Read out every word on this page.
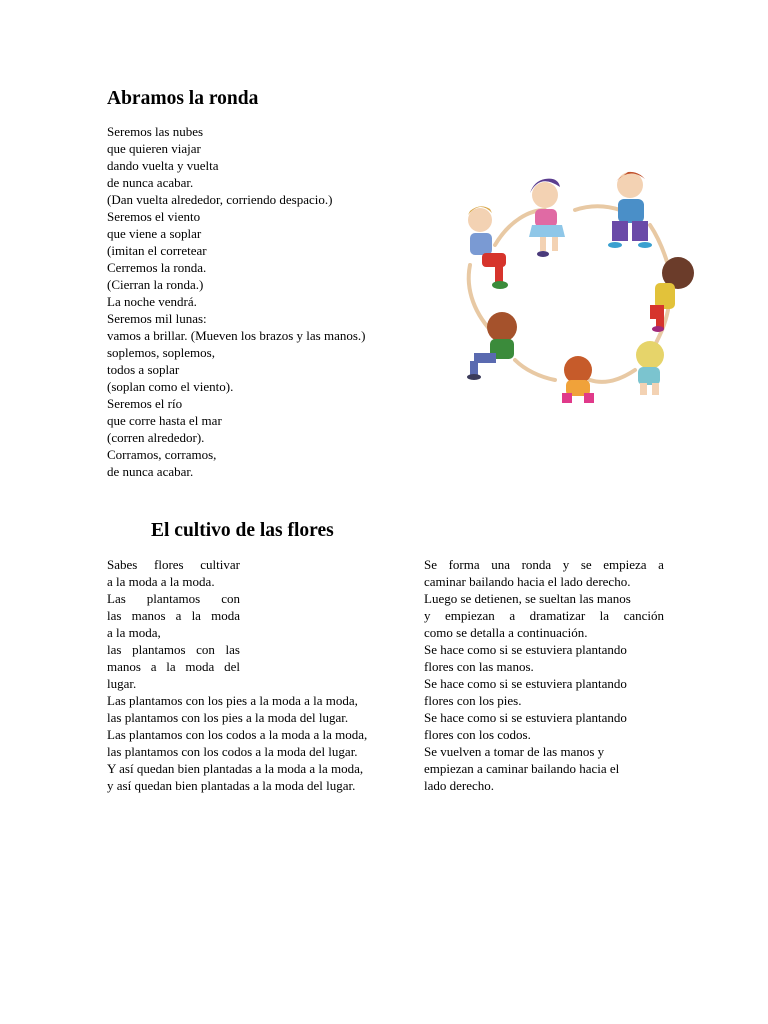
Abramos la ronda
Seremos las nubes
que quieren viajar
dando vuelta y vuelta
de nunca acabar.
(Dan vuelta alrededor, corriendo despacio.)
Seremos el viento
que viene a soplar
(imitan el corretear
Cerremos la ronda.
(Cierran la ronda.)
La noche vendrá.
Seremos mil lunas:
vamos a brillar. (Mueven los brazos y las manos.)
soplemos, soplemos,
todos a soplar
(soplan como el viento).
Seremos el río
que corre hasta el mar
(corren alrededor).
Corramos, corramos,
de nunca acabar.
El cultivo de las flores
Sabes flores cultivar
a la moda a la moda.
Las plantamos con
las manos a la moda
a la moda,
las plantamos con las
manos a la moda del
lugar.
Las plantamos con los pies a la moda a la moda,
las plantamos con los pies a la moda del lugar.
Las plantamos con los codos a la moda a la moda,
las plantamos con los codos a la moda del lugar.
Y así quedan bien plantadas a la moda a la moda,
y así quedan bien plantadas a la moda del lugar.
Se forma una ronda y se empieza a
caminar bailando hacia el lado derecho.
Luego se detienen, se sueltan las manos
y empiezan a dramatizar la canción
como se detalla a continuación.
Se hace como si se estuviera plantando
flores con las manos.
Se hace como si se estuviera plantando
flores con los pies.
Se hace como si se estuviera plantando
flores con los codos.
Se vuelven a tomar de las manos y
empiezan a caminar bailando hacia el
lado derecho.
